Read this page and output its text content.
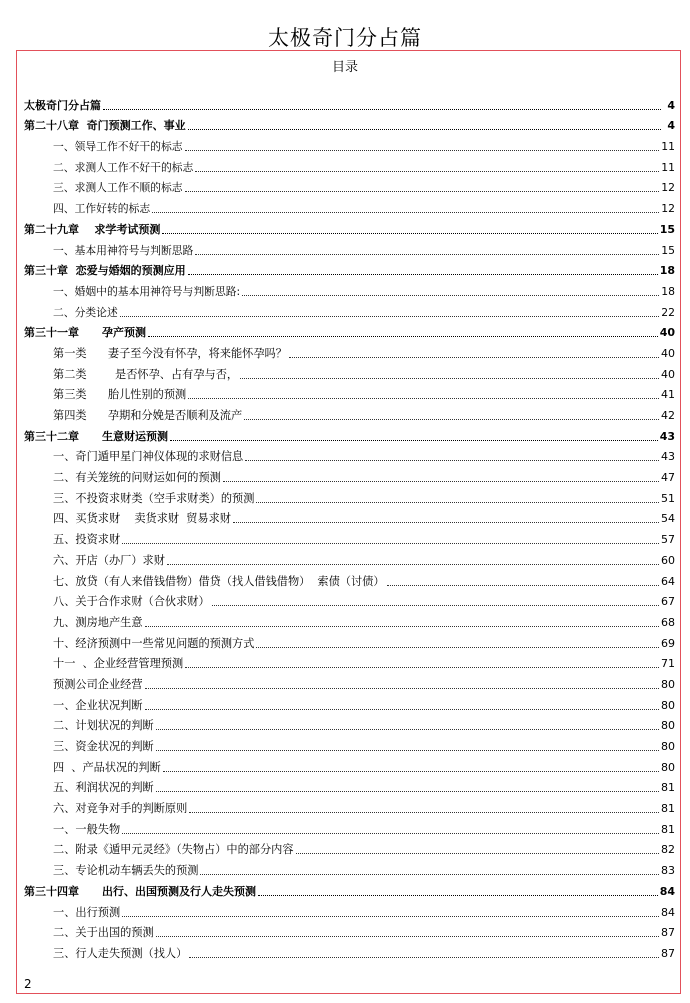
太极奇门分占篇
目录
太极奇门分占篇	4
第二十八章  奇门预测工作、事业	4
一、领导工作不好干的标志	11
二、求测人工作不好干的标志	11
三、求测人工作不顺的标志	12
四、工作好转的标志	12
第二十九章    求学考试预测	15
一、基本用神符号与判断思路	15
第三十章  恋爱与婚姻的预测应用	18
一、婚姻中的基本用神符号与判断思路:	18
二、分类论述	22
第三十一章      孕产预测	40
第一类      妻子至今没有怀孕，将来能怀孕吗？	40
第二类        是否怀孕、占有孕与否，	40
第三类      胎儿性别的预测	41
第四类      孕期和分娩是否顺利及流产	42
第三十二章      生意财运预测	43
一、奇门遁甲星门神仪体现的求财信息	43
二、有关笼统的问财运如何的预测	47
三、不投资求财类（空手求财类）的预测	51
四、买货求财    卖货求财  贸易求财	54
五、投资求财	57
六、开店（办厂）求财	60
七、放贷（有人来借钱借物）借贷（找人借钱借物）  索债（讨债）	64
八、关于合作求财（合伙求财）	67
九、测房地产生意	68
十、经济预测中一些常见问题的预测方式	69
十一  、企业经营管理预测	71
预测公司企业经营	80
一、企业状况判断	80
二、计划状况的判断	80
三、资金状况的判断	80
四  、产品状况的判断	80
五、利润状况的判断	81
六、对竞争对手的判断原则	81
一、一般失物	81
二、附录《遁甲元灵经》（失物占）中的部分内容	82
三、专论机动车辆丢失的预测	83
第三十四章      出行、出国预测及行人走失预测	84
一、出行预测	84
二、关于出国的预测	87
三、行人走失预测（找人）	87
2
